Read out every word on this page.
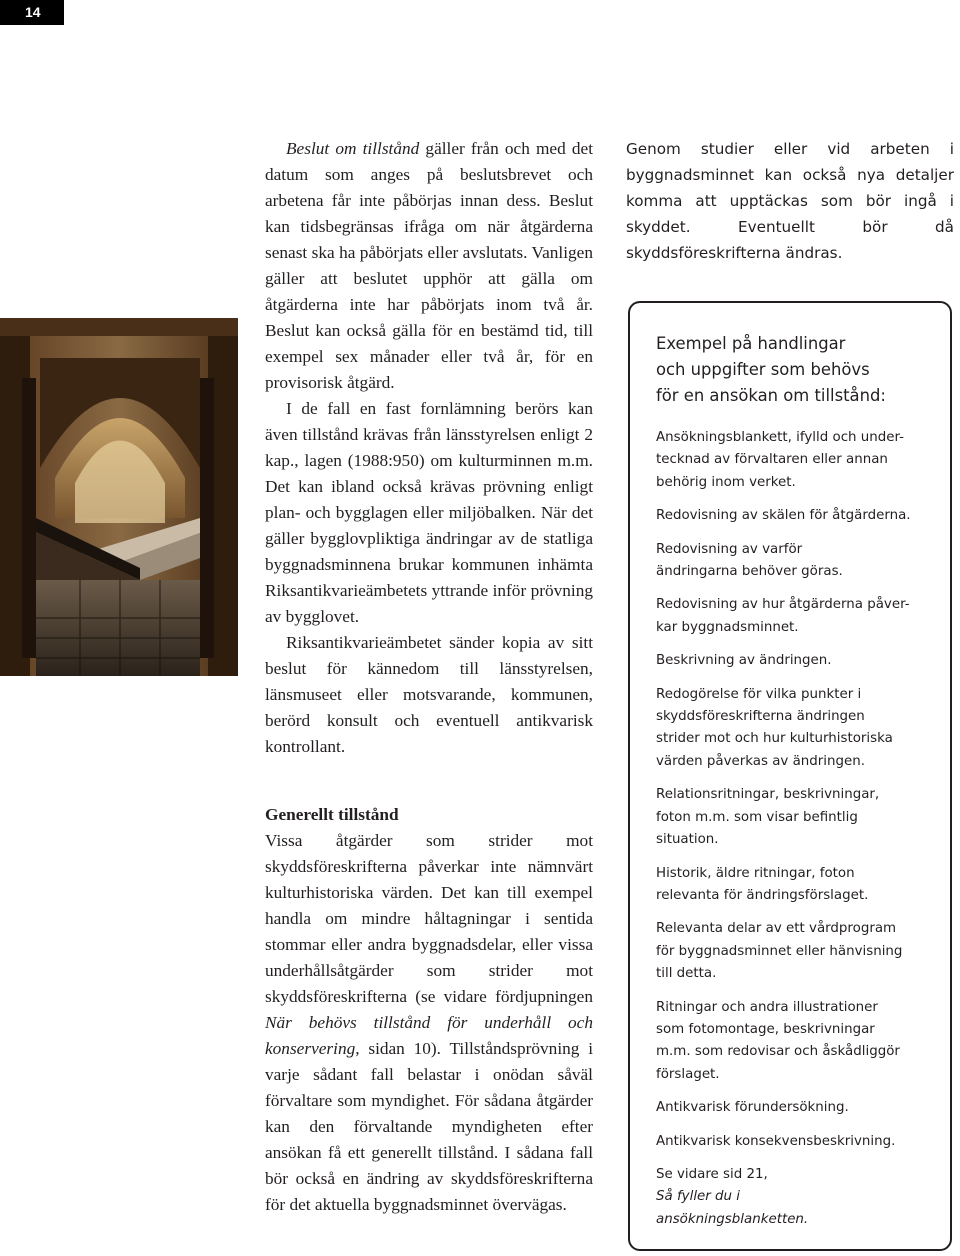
14

Beslut om tillstånd gäller från och med det datum som anges på beslutsbrevet och arbetena får inte påbörjas innan dess. Beslut kan tidsbegränsas ifråga om när åtgärderna senast ska ha påbörjats eller avslutats. Vanligen gäller att beslutet upphör att gälla om åtgärderna inte har påbörjats inom två år. Beslut kan också gälla för en bestämd tid, till exempel sex månader eller två år, för en provisorisk åtgärd.

I de fall en fast fornlämning berörs kan även tillstånd krävas från länsstyrelsen enligt 2 kap., lagen (1988:950) om kulturminnen m.m. Det kan ibland också krävas prövning enligt plan- och bygglagen eller miljöbalken. När det gäller bygglovpliktiga ändringar av de statliga byggnadsminnena brukar kommunen inhämta Riksantikvarieämbetets yttrande inför prövning av bygglovet.

Riksantikvarieämbetet sänder kopia av sitt beslut för kännedom till länsstyrelsen, länsmuseet eller motsvarande, kommunen, berörd konsult och eventuell antikvarisk kontrollant.

Generellt tillstånd

Vissa åtgärder som strider mot skyddsföreskrifterna påverkar inte nämnvärt kulturhistoriska värden. Det kan till exempel handla om mindre håltagningar i sentida stommar eller andra byggnadsdelar, eller vissa underhållsåtgärder som strider mot skyddsföreskrifterna (se vidare fördjupningen När behövs tillstånd för underhåll och konservering, sidan 10). Tillståndsprövning i varje sådant fall belastar i onödan såväl förvaltare som myndighet. För sådana åtgärder kan den förvaltande myndigheten efter ansökan få ett generellt tillstånd. I sådana fall bör också en ändring av skyddsföreskrifterna för det aktuella byggnadsminnet övervägas.

Genom studier eller vid arbeten i byggnadsminnet kan också nya detaljer komma att upptäckas som bör ingå i skyddet. Eventuellt bör då skyddsföreskrifterna ändras.

Exempel på handlingar
och uppgifter som behövs
för en ansökan om tillstånd:
Ansökningsblankett, ifylld och under-
tecknad av förvaltaren eller annan
behörig inom verket.
Redovisning av skälen för åtgärderna.
Redovisning av varför
ändringarna behöver göras.
Redovisning av hur åtgärderna påver-
kar byggnadsminnet.
Beskrivning av ändringen.
Redogörelse för vilka punkter i
skyddsföreskrifterna ändringen
strider mot och hur kulturhistoriska
värden påverkas av ändringen.
Relationsritningar, beskrivningar,
foton m.m. som visar befintlig
situation.
Historik, äldre ritningar, foton
relevanta för ändringsförslaget.
Relevanta delar av ett vårdprogram
för byggnadsminnet eller hänvisning
till detta.
Ritningar och andra illustrationer
som fotomontage, beskrivningar
m.m. som redovisar och åskådliggör
förslaget.
Antikvarisk förundersökning.
Antikvarisk konsekvensbeskrivning.
Se vidare sid 21,
Så fyller du i
ansökningsblanketten.
